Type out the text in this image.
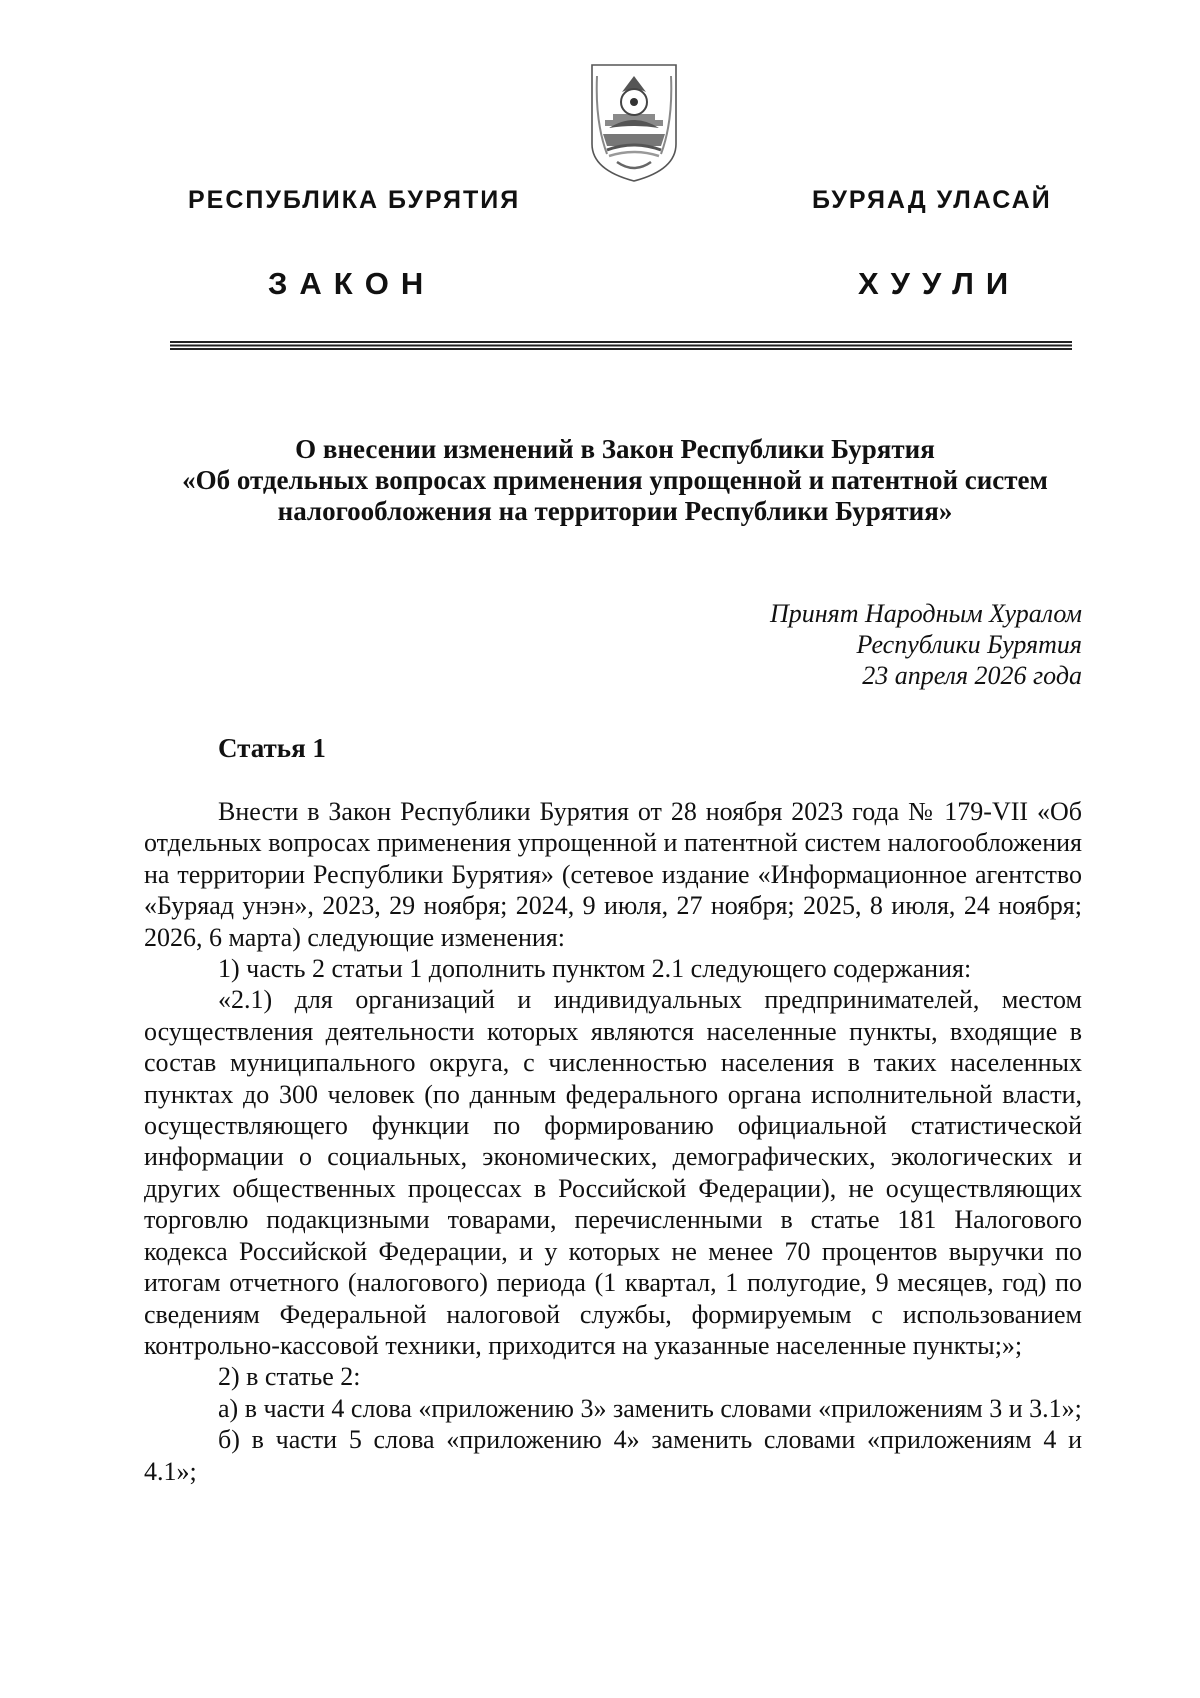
РЕСПУБЛИКА БУРЯТИЯ	БУРЯАД УЛАСАЙ
ЗАКОН	ХУУЛИ
О внесении изменений в Закон Республики Бурятия
«Об отдельных вопросах применения упрощенной и патентной систем
налогообложения на территории Республики Бурятия»
Принят Народным Хуралом
Республики Бурятия
23 апреля 2026 года
Статья 1

Внести в Закон Республики Бурятия от 28 ноября 2023 года № 179-VII «Об отдельных вопросах применения упрощенной и патентной систем налогообложения на территории Республики Бурятия» (сетевое издание «Информационное агентство «Буряад унэн», 2023, 29 ноября; 2024, 9 июля, 27 ноября; 2025, 8 июля, 24 ноября; 2026, 6 марта) следующие изменения:

1) часть 2 статьи 1 дополнить пунктом 2.1 следующего содержания:

«2.1) для организаций и индивидуальных предпринимателей, местом осуществления деятельности которых являются населенные пункты, входящие в состав муниципального округа, с численностью населения в таких населенных пунктах до 300 человек (по данным федерального органа исполнительной власти, осуществляющего функции по формированию официальной статистической информации о социальных, экономических, демографических, экологических и других общественных процессах в Российской Федерации), не осуществляющих торговлю подакцизными товарами, перечисленными в статье 181 Налогового кодекса Российской Федерации, и у которых не менее 70 процентов выручки по итогам отчетного (налогового) периода (1 квартал, 1 полугодие, 9 месяцев, год) по сведениям Федеральной налоговой службы, формируемым с использованием контрольно-кассовой техники, приходится на указанные населенные пункты;»;

2) в статье 2:

а) в части 4 слова «приложению 3» заменить словами «приложениям 3 и 3.1»;

б) в части 5 слова «приложению 4» заменить словами «приложениям 4 и 4.1»;
